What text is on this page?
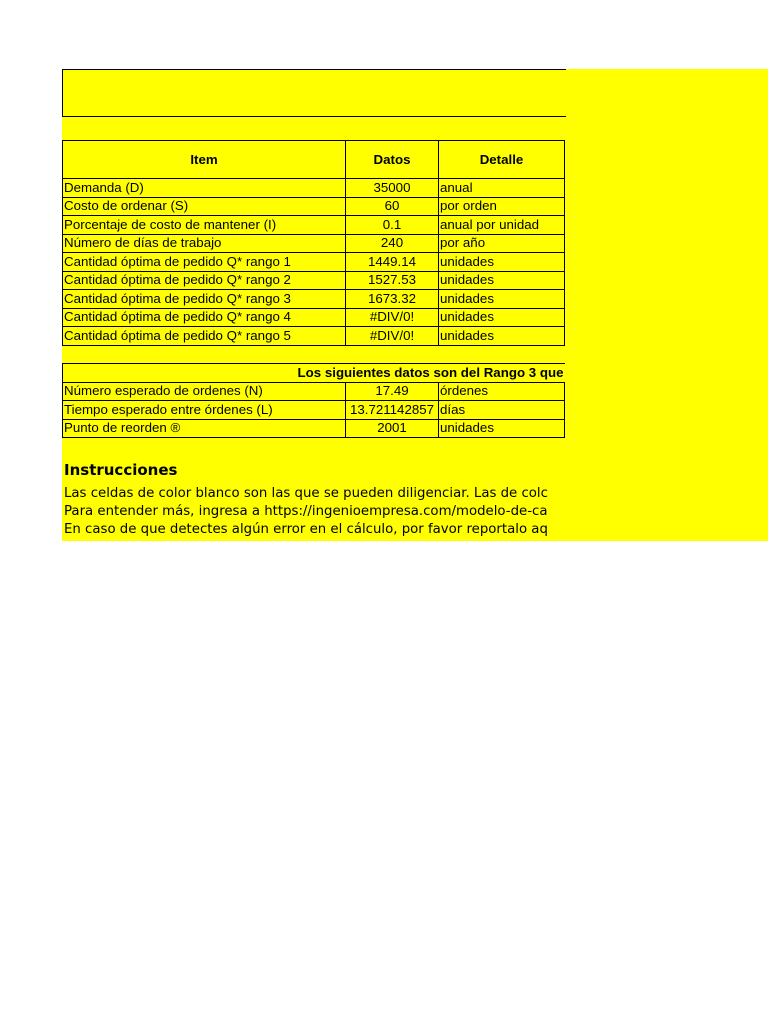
Item	Datos	Detalle
Demanda (D)	35000	anual
Costo de ordenar (S)	60	por orden
Porcentaje de costo de mantener (I)	0.1	anual por unidad
Número de días de trabajo	240	por año
Cantidad óptima de pedido Q* rango 1	1449.14	unidades
Cantidad óptima de pedido Q* rango 2	1527.53	unidades
Cantidad óptima de pedido Q* rango 3	1673.32	unidades
Cantidad óptima de pedido Q* rango 4	#DIV/0!	unidades
Cantidad óptima de pedido Q* rango 5	#DIV/0!	unidades
Los siguientes datos son del Rango 3 que		
Número esperado de ordenes (N)	17.49	órdenes
Tiempo esperado entre órdenes (L)	13.721142857	días
Punto de reorden ®	2001	unidades
Instrucciones

Las celdas de color blanco son las que se pueden diligenciar. Las de colc

Para entender más, ingresa a https://ingenioempresa.com/modelo-de-ca

En caso de que detectes algún error en el cálculo, por favor reportalo aq
